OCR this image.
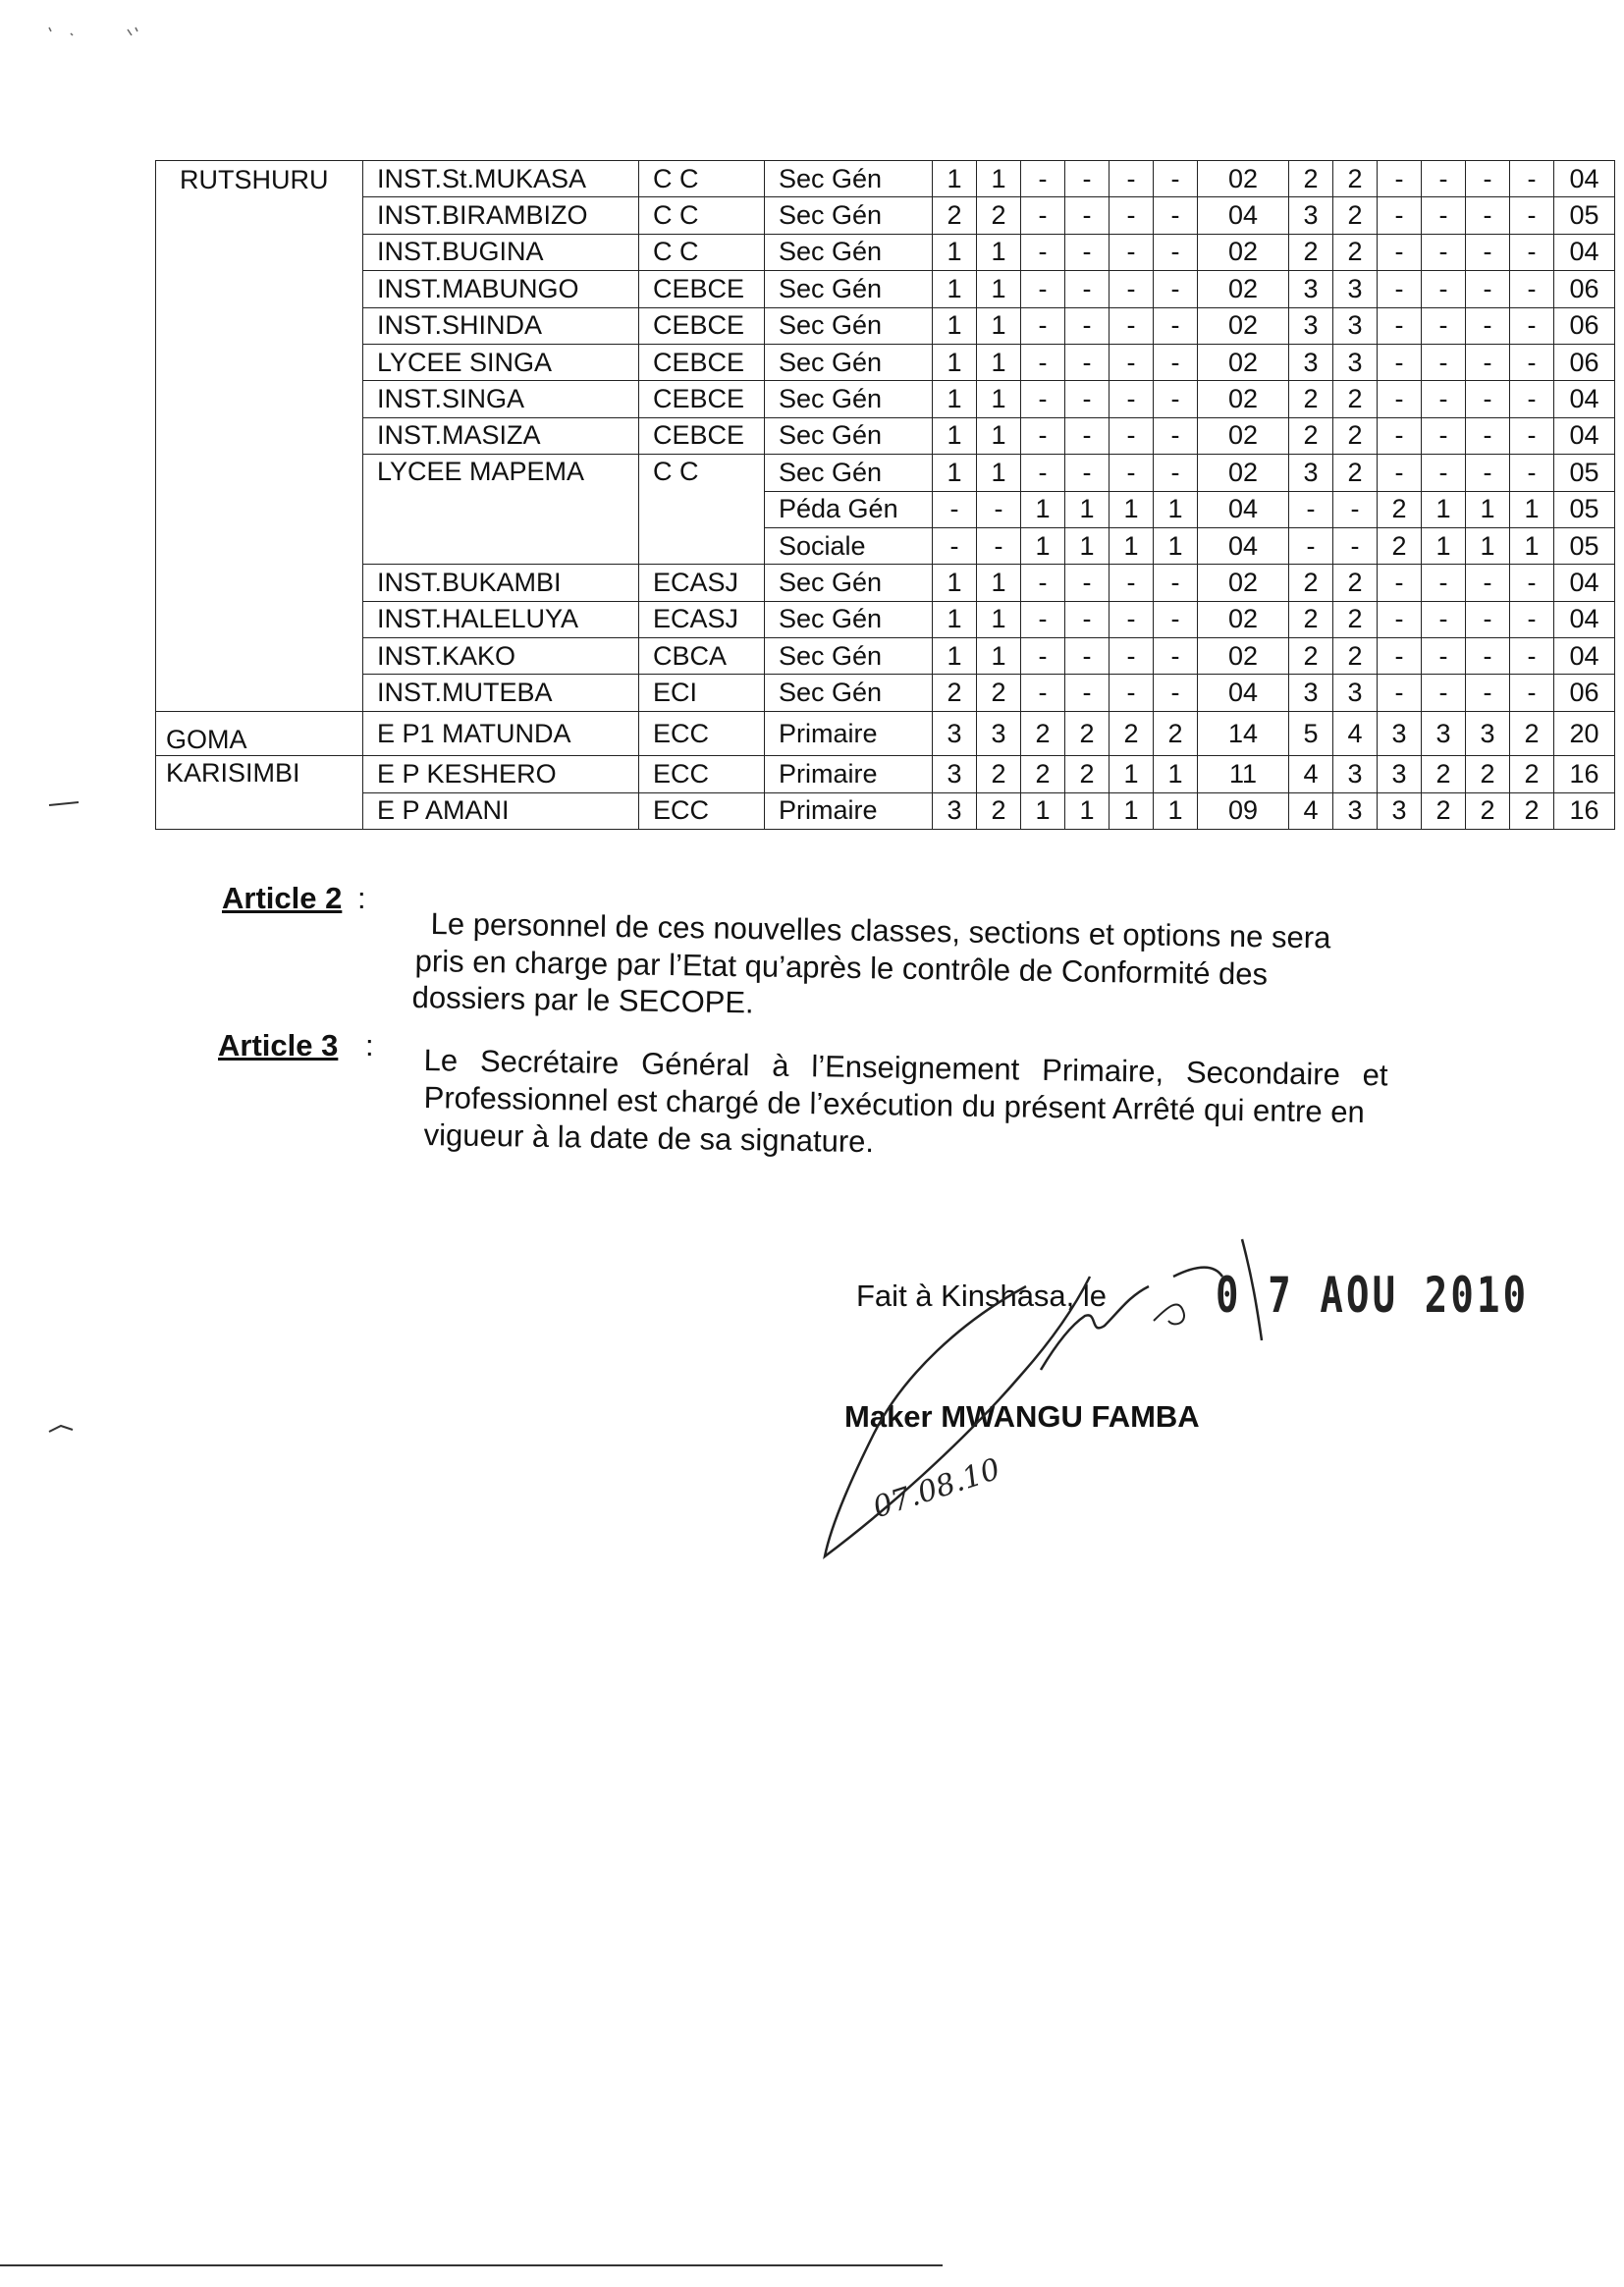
RUTSHURU	INST.St.MUKASA	C C	Sec Gén	1	1	-	-	-	-	02	2	2	-	-	-	-	04
	INST.BIRAMBIZO	C C	Sec Gén	2	2	-	-	-	-	04	3	2	-	-	-	-	05
	INST.BUGINA	C C	Sec Gén	1	1	-	-	-	-	02	2	2	-	-	-	-	04
	INST.MABUNGO	CEBCE	Sec Gén	1	1	-	-	-	-	02	3	3	-	-	-	-	06
	INST.SHINDA	CEBCE	Sec Gén	1	1	-	-	-	-	02	3	3	-	-	-	-	06
	LYCEE SINGA	CEBCE	Sec Gén	1	1	-	-	-	-	02	3	3	-	-	-	-	06
	INST.SINGA	CEBCE	Sec Gén	1	1	-	-	-	-	02	2	2	-	-	-	-	04
	INST.MASIZA	CEBCE	Sec Gén	1	1	-	-	-	-	02	2	2	-	-	-	-	04
	LYCEE MAPEMA	C C	Sec Gén	1	1	-	-	-	-	02	3	2	-	-	-	-	05
			Péda Gén	-	-	1	1	1	1	04	-	-	2	1	1	1	05
			Sociale	-	-	1	1	1	1	04	-	-	2	1	1	1	05
	INST.BUKAMBI	ECASJ	Sec Gén	1	1	-	-	-	-	02	2	2	-	-	-	-	04
	INST.HALELUYA	ECASJ	Sec Gén	1	1	-	-	-	-	02	2	2	-	-	-	-	04
	INST.KAKO	CBCA	Sec Gén	1	1	-	-	-	-	02	2	2	-	-	-	-	04
	INST.MUTEBA	ECI	Sec Gén	2	2	-	-	-	-	04	3	3	-	-	-	-	06
GOMA	E P1 MATUNDA	ECC	Primaire	3	3	2	2	2	2	14	5	4	3	3	3	2	20
KARISIMBI	E P KESHERO	ECC	Primaire	3	2	2	2	1	1	11	4	3	3	2	2	2	16
	E P AMANI	ECC	Primaire	3	2	1	1	1	1	09	4	3	3	2	2	2	16
Article 2 :
Le personnel de ces nouvelles classes, sections et options ne sera
pris en charge par l’Etat qu’après le contrôle de Conformité des
dossiers par le SECOPE.
Article 3 : Le Secrétaire Général à l’Enseignement Primaire, Secondaire et
Professionnel est chargé de l’exécution du présent Arrêté qui entre en
vigueur à la date de sa signature.
Fait à Kinshasa, le 0 7 AOU 2010
Maker MWANGU FAMBA
07.08.10
